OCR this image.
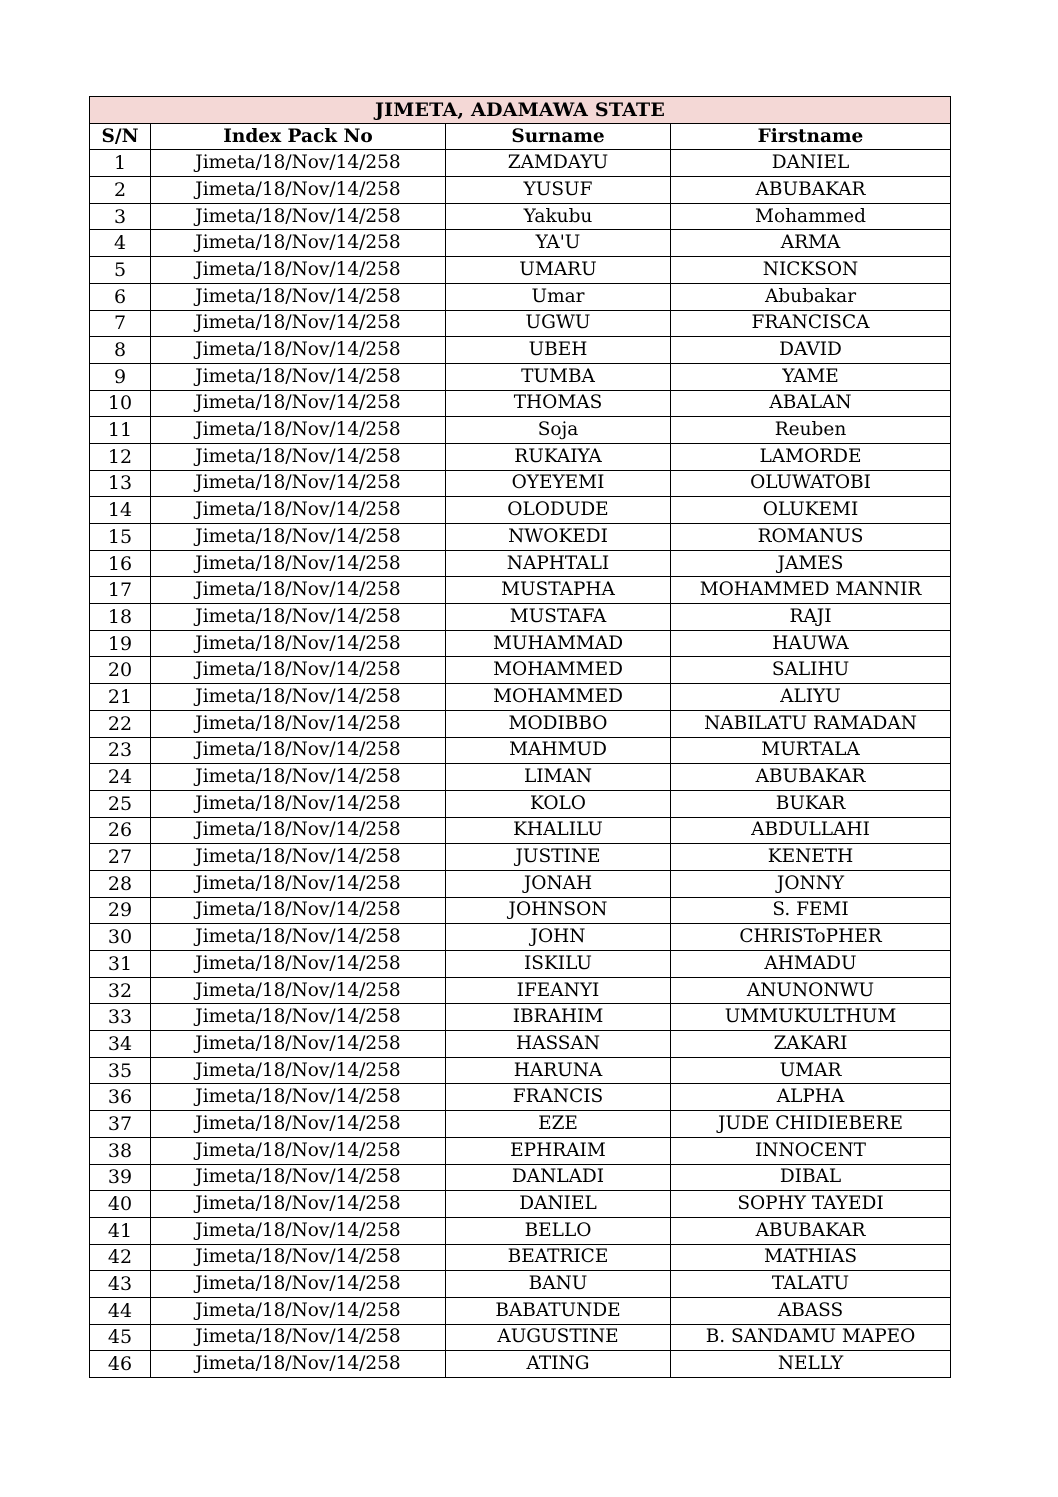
JIMETA, ADAMAWA STATE			
S/N	Index Pack No	Surname	Firstname
1	Jimeta/18/Nov/14/258	ZAMDAYU	DANIEL
2	Jimeta/18/Nov/14/258	YUSUF	ABUBAKAR
3	Jimeta/18/Nov/14/258	Yakubu	Mohammed
4	Jimeta/18/Nov/14/258	YA'U	ARMA
5	Jimeta/18/Nov/14/258	UMARU	NICKSON
6	Jimeta/18/Nov/14/258	Umar	Abubakar
7	Jimeta/18/Nov/14/258	UGWU	FRANCISCA
8	Jimeta/18/Nov/14/258	UBEH	DAVID
9	Jimeta/18/Nov/14/258	TUMBA	YAME
10	Jimeta/18/Nov/14/258	THOMAS	ABALAN
11	Jimeta/18/Nov/14/258	Soja	Reuben
12	Jimeta/18/Nov/14/258	RUKAIYA	LAMORDE
13	Jimeta/18/Nov/14/258	OYEYEMI	OLUWATOBI
14	Jimeta/18/Nov/14/258	OLODUDE	OLUKEMI
15	Jimeta/18/Nov/14/258	NWOKEDI	ROMANUS
16	Jimeta/18/Nov/14/258	NAPHTALI	JAMES
17	Jimeta/18/Nov/14/258	MUSTAPHA	MOHAMMED MANNIR
18	Jimeta/18/Nov/14/258	MUSTAFA	RAJI
19	Jimeta/18/Nov/14/258	MUHAMMAD	HAUWA
20	Jimeta/18/Nov/14/258	MOHAMMED	SALIHU
21	Jimeta/18/Nov/14/258	MOHAMMED	ALIYU
22	Jimeta/18/Nov/14/258	MODIBBO	NABILATU RAMADAN
23	Jimeta/18/Nov/14/258	MAHMUD	MURTALA
24	Jimeta/18/Nov/14/258	LIMAN	ABUBAKAR
25	Jimeta/18/Nov/14/258	KOLO	BUKAR
26	Jimeta/18/Nov/14/258	KHALILU	ABDULLAHI
27	Jimeta/18/Nov/14/258	JUSTINE	KENETH
28	Jimeta/18/Nov/14/258	JONAH	JONNY
29	Jimeta/18/Nov/14/258	JOHNSON	S. FEMI
30	Jimeta/18/Nov/14/258	JOHN	CHRISToPHER
31	Jimeta/18/Nov/14/258	ISKILU	AHMADU
32	Jimeta/18/Nov/14/258	IFEANYI	ANUNONWU
33	Jimeta/18/Nov/14/258	IBRAHIM	UMMUKULTHUM
34	Jimeta/18/Nov/14/258	HASSAN	ZAKARI
35	Jimeta/18/Nov/14/258	HARUNA	UMAR
36	Jimeta/18/Nov/14/258	FRANCIS	ALPHA
37	Jimeta/18/Nov/14/258	EZE	JUDE CHIDIEBERE
38	Jimeta/18/Nov/14/258	EPHRAIM	INNOCENT
39	Jimeta/18/Nov/14/258	DANLADI	DIBAL
40	Jimeta/18/Nov/14/258	DANIEL	SOPHY TAYEDI
41	Jimeta/18/Nov/14/258	BELLO	ABUBAKAR
42	Jimeta/18/Nov/14/258	BEATRICE	MATHIAS
43	Jimeta/18/Nov/14/258	BANU	TALATU
44	Jimeta/18/Nov/14/258	BABATUNDE	ABASS
45	Jimeta/18/Nov/14/258	AUGUSTINE	B. SANDAMU MAPEO
46	Jimeta/18/Nov/14/258	ATING	NELLY
